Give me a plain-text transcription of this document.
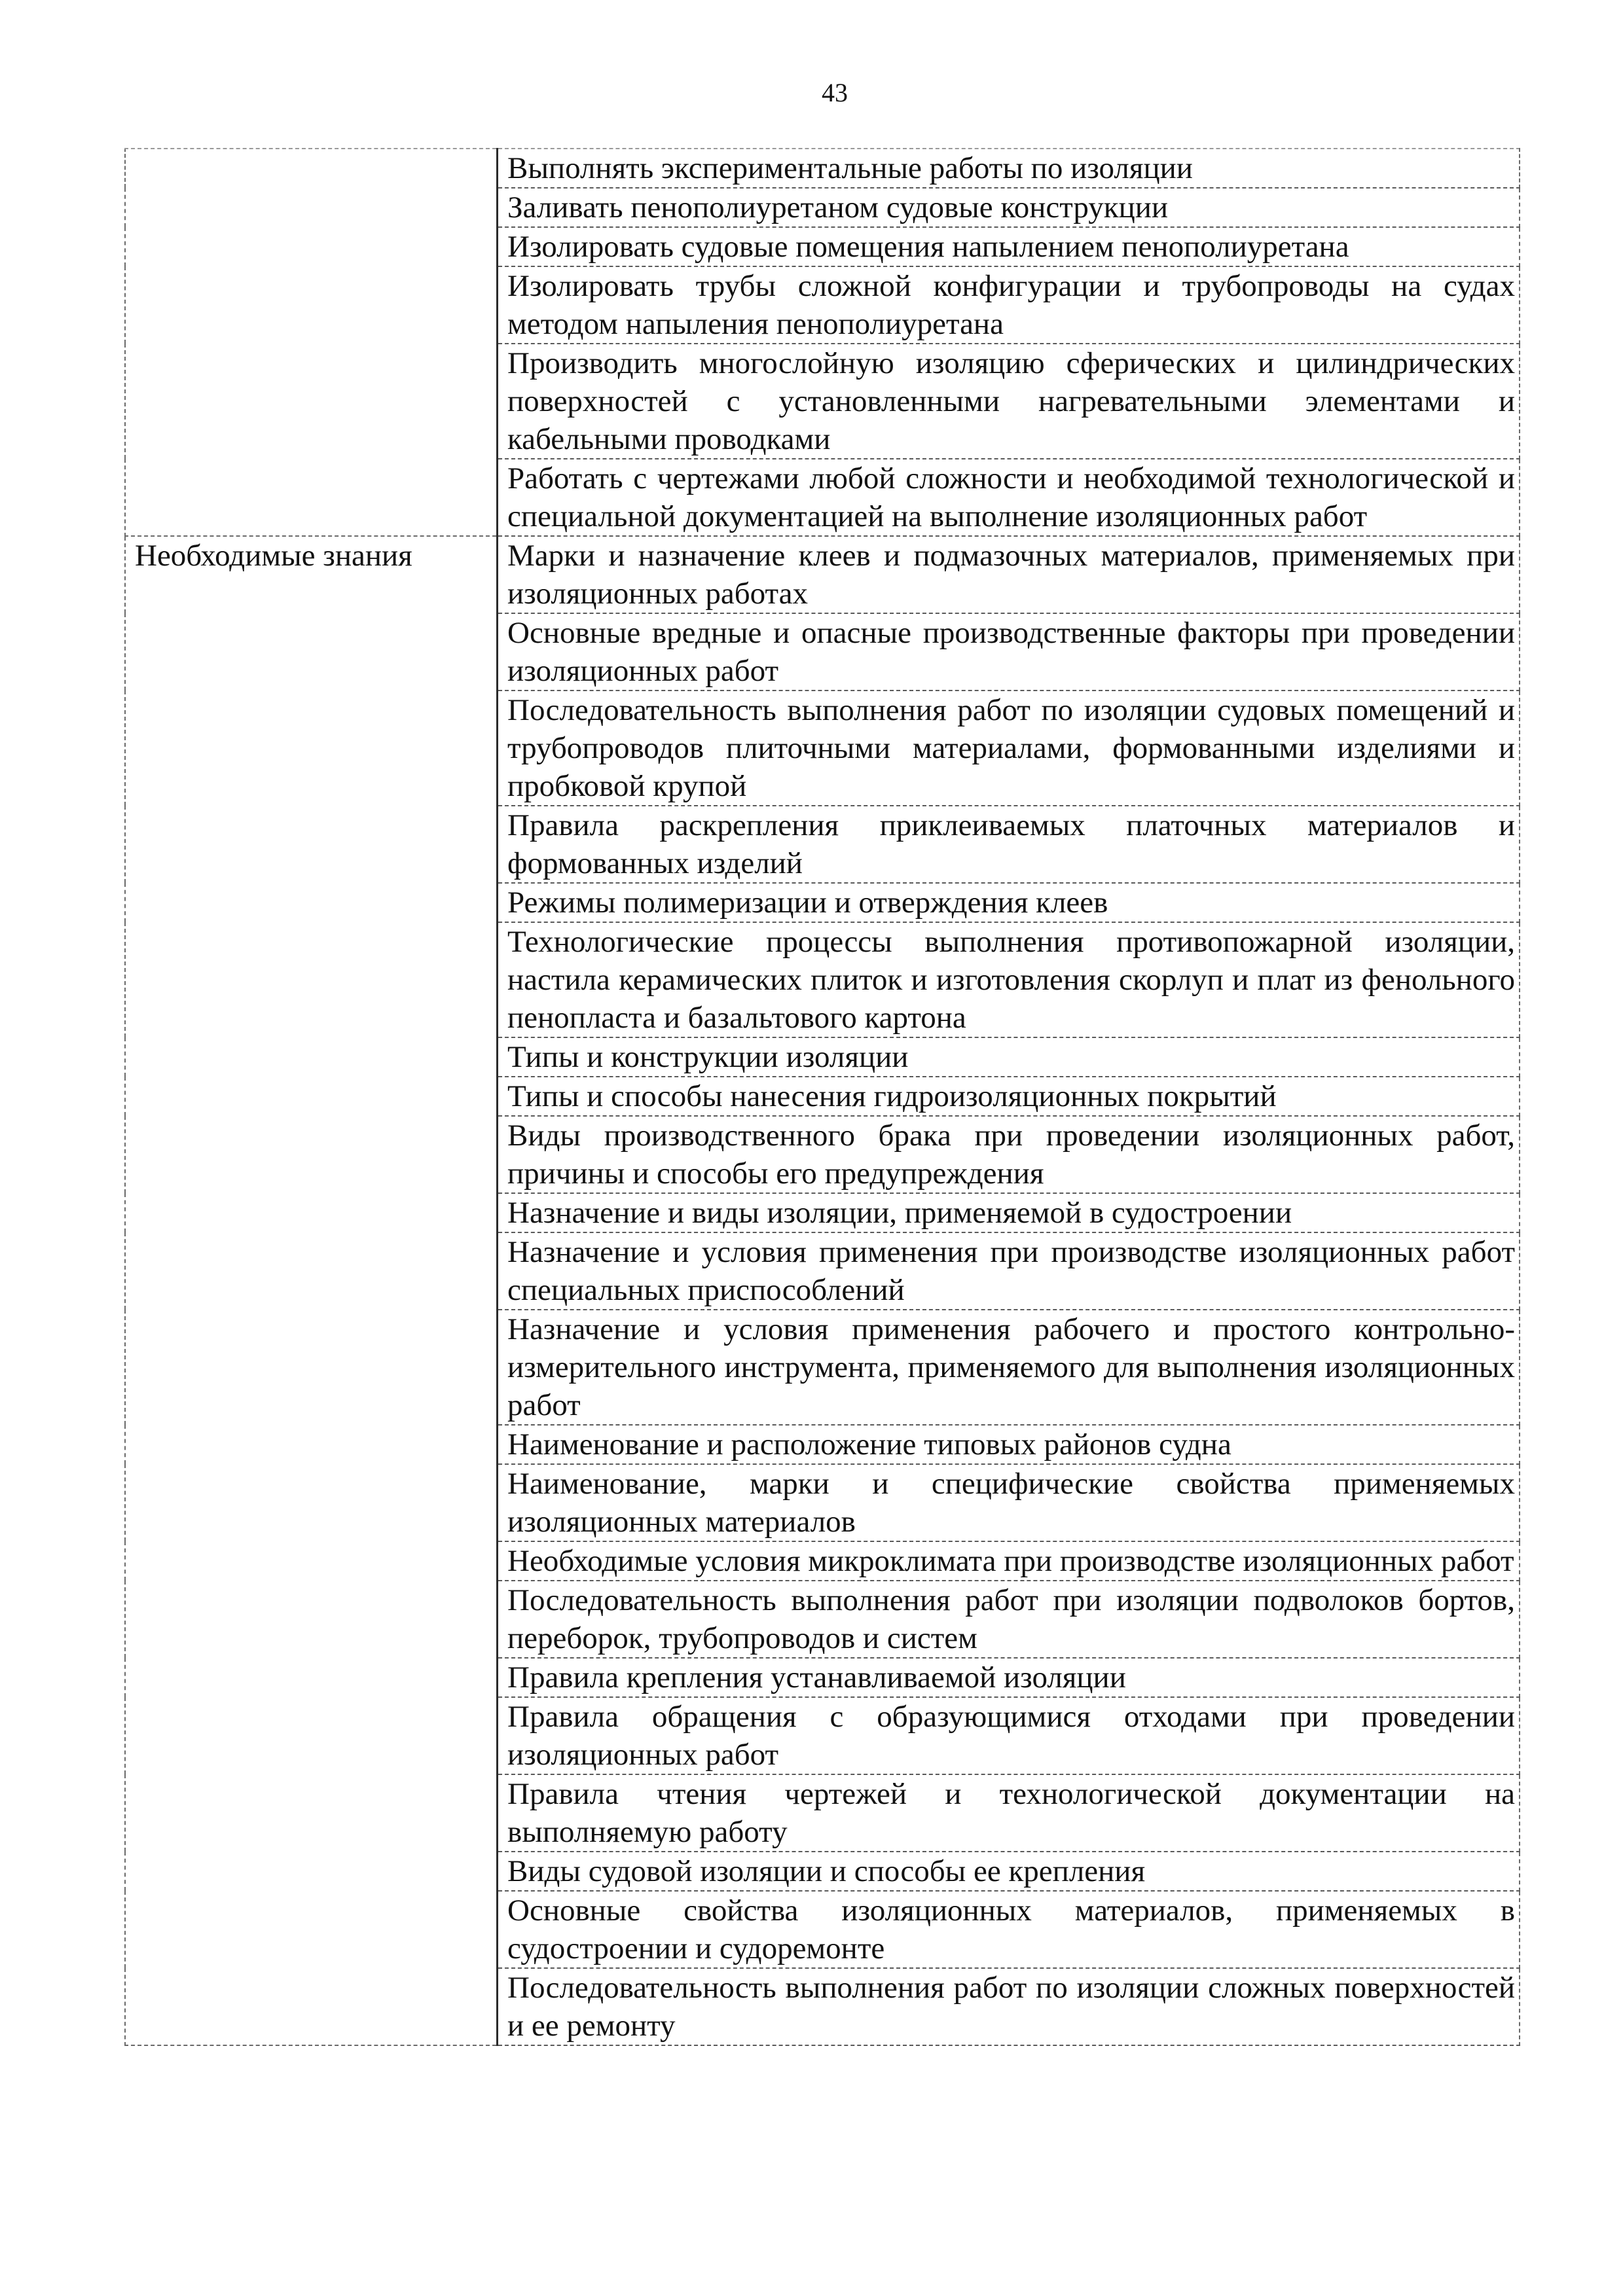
43
	Выполнять экспериментальные работы по изоляции
	Заливать пенополиуретаном судовые конструкции
	Изолировать судовые помещения напылением пенополиуретана
	Изолировать трубы сложной конфигурации и трубопроводы на судах методом напыления пенополиуретана
	Производить многослойную изоляцию сферических и цилиндрических поверхностей с установленными нагревательными элементами и кабельными проводками
	Работать с чертежами любой сложности и необходимой технологической и специальной документацией на выполнение изоляционных работ

Необходимые знания	Марки и назначение клеев и подмазочных материалов, применяемых при изоляционных работах
	Основные вредные и опасные производственные факторы при проведении изоляционных работ
	Последовательность выполнения работ по изоляции судовых помещений и трубопроводов плиточными материалами, формованными изделиями и пробковой крупой
	Правила раскрепления приклеиваемых платочных материалов и формованных изделий
	Режимы полимеризации и отверждения клеев
	Технологические процессы выполнения противопожарной изоляции, настила керамических плиток и изготовления скорлуп и плат из фенольного пенопласта и базальтового картона
	Типы и конструкции изоляции
	Типы и способы нанесения гидроизоляционных покрытий
	Виды производственного брака при проведении изоляционных работ, причины и способы его предупреждения
	Назначение и виды изоляции, применяемой в судостроении
	Назначение и условия применения при производстве изоляционных работ специальных приспособлений
	Назначение и условия применения рабочего и простого контрольно-измерительного инструмента, применяемого для выполнения изоляционных работ
	Наименование и расположение типовых районов судна
	Наименование, марки и специфические свойства применяемых изоляционных материалов
	Необходимые условия микроклимата при производстве изоляционных работ
	Последовательность выполнения работ при изоляции подволоков бортов, переборок, трубопроводов и систем
	Правила крепления устанавливаемой изоляции
	Правила обращения с образующимися отходами при проведении изоляционных работ
	Правила чтения чертежей и технологической документации на выполняемую работу
	Виды судовой изоляции и способы ее крепления
	Основные свойства изоляционных материалов, применяемых в судостроении и судоремонте
	Последовательность выполнения работ по изоляции сложных поверхностей и ее ремонту
